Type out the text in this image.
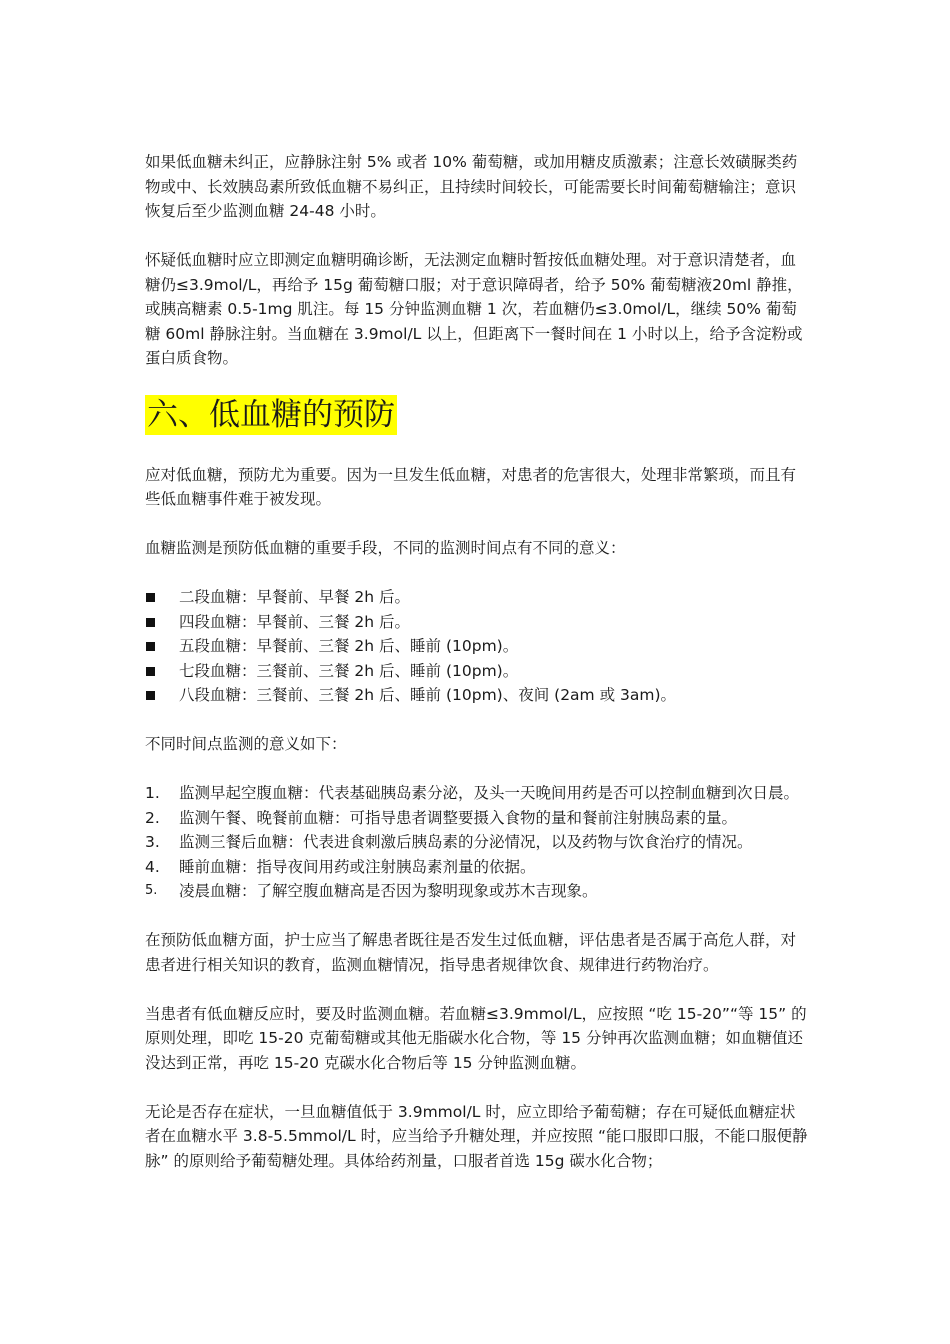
如果低血糖未纠正，应静脉注射 5% 或者 10% 葡萄糖，或加用糖皮质激素；注意长效磺脲类药物或中、长效胰岛素所致低血糖不易纠正，且持续时间较长，可能需要长时间葡萄糖输注；意识恢复后至少监测血糖 24-48 小时。

怀疑低血糖时应立即测定血糖明确诊断，无法测定血糖时暂按低血糖处理。对于意识清楚者，血糖仍≤3.9mol/L，再给予 15g 葡萄糖口服；对于意识障碍者，给予 50% 葡萄糖液20ml 静推，或胰高糖素 0.5-1mg 肌注。每 15 分钟监测血糖 1 次，若血糖仍≤3.0mol/L，继续 50% 葡萄糖 60ml 静脉注射。当血糖在 3.9mol/L 以上，但距离下一餐时间在 1 小时以上，给予含淀粉或蛋白质食物。

六、低血糖的预防

应对低血糖，预防尤为重要。因为一旦发生低血糖，对患者的危害很大，处理非常繁琐，而且有些低血糖事件难于被发现。

血糖监测是预防低血糖的重要手段，不同的监测时间点有不同的意义：

二段血糖：早餐前、早餐 2h 后。
四段血糖：早餐前、三餐 2h 后。
五段血糖：早餐前、三餐 2h 后、睡前 (10pm)。
七段血糖：三餐前、三餐 2h 后、睡前 (10pm)。
八段血糖：三餐前、三餐 2h 后、睡前 (10pm)、夜间 (2am 或 3am)。

不同时间点监测的意义如下：

1. 监测早起空腹血糖：代表基础胰岛素分泌，及头一天晚间用药是否可以控制血糖到次日晨。
2. 监测午餐、晚餐前血糖：可指导患者调整要摄入食物的量和餐前注射胰岛素的量。
3. 监测三餐后血糖：代表进食刺激后胰岛素的分泌情况，以及药物与饮食治疗的情况。
4. 睡前血糖：指导夜间用药或注射胰岛素剂量的依据。
5. 凌晨血糖：了解空腹血糖高是否因为黎明现象或苏木吉现象。

在预防低血糖方面，护士应当了解患者既往是否发生过低血糖，评估患者是否属于高危人群，对患者进行相关知识的教育，监测血糖情况，指导患者规律饮食、规律进行药物治疗。

当患者有低血糖反应时，要及时监测血糖。若血糖≤3.9mmol/L，应按照 “吃 15-20”“等 15” 的原则处理，即吃 15-20 克葡萄糖或其他无脂碳水化合物，等 15 分钟再次监测血糖；如血糖值还没达到正常，再吃 15-20 克碳水化合物后等 15 分钟监测血糖。

无论是否存在症状，一旦血糖值低于 3.9mmol/L 时，应立即给予葡萄糖；存在可疑低血糖症状者在血糖水平 3.8-5.5mmol/L 时，应当给予升糖处理，并应按照 “能口服即口服，不能口服便静脉” 的原则给予葡萄糖处理。具体给药剂量，口服者首选 15g 碳水化合物；
